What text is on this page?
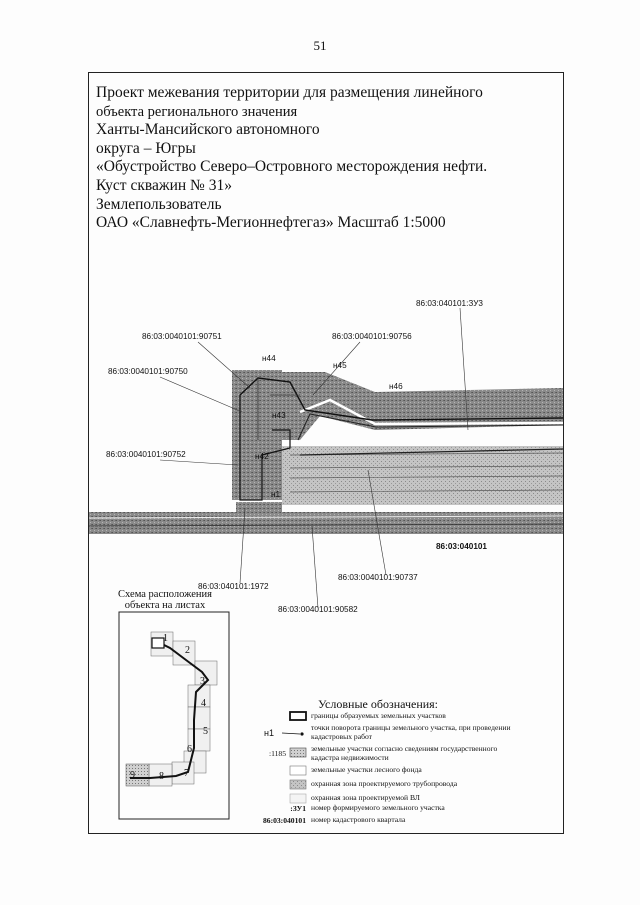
51
Проект межевания территории для размещения линейного
объекта регионального значения
Ханты-Мансийского автономного
округа – Югры
«Обустройство Северо–Островного месторождения нефти.
Куст скважин № 31»
Землепользователь
ОАО «Славнефть-Мегионнефтегаз» Масштаб 1:5000
86:03:040101:ЗУ3
86:03:0040101:90751	86:03:0040101:90756
86:03:0040101:90750
86:03:0040101:90752
86:03:040101
86:03:040101:1972
86:03:0040101:90737
86:03:0040101:90582
н44
н45
н46
н43
н42
н1
2
1
3
4
5
6
7
8
9
Схема расположения объекта на листах
Условные обозначения:
границы образуемых земельных участков
н1
точки поворота границы земельного участка, при проведении кадастровых работ
:1185
земельные участки согласно сведениям государственного кадастра недвижимости
земельные участки лесного фонда
охранная зона проектируемого трубопровода
охранная зона проектируемой ВЛ
:ЗУ1 номер формируемого земельного участка
86:03:040101 номер кадастрового квартала
